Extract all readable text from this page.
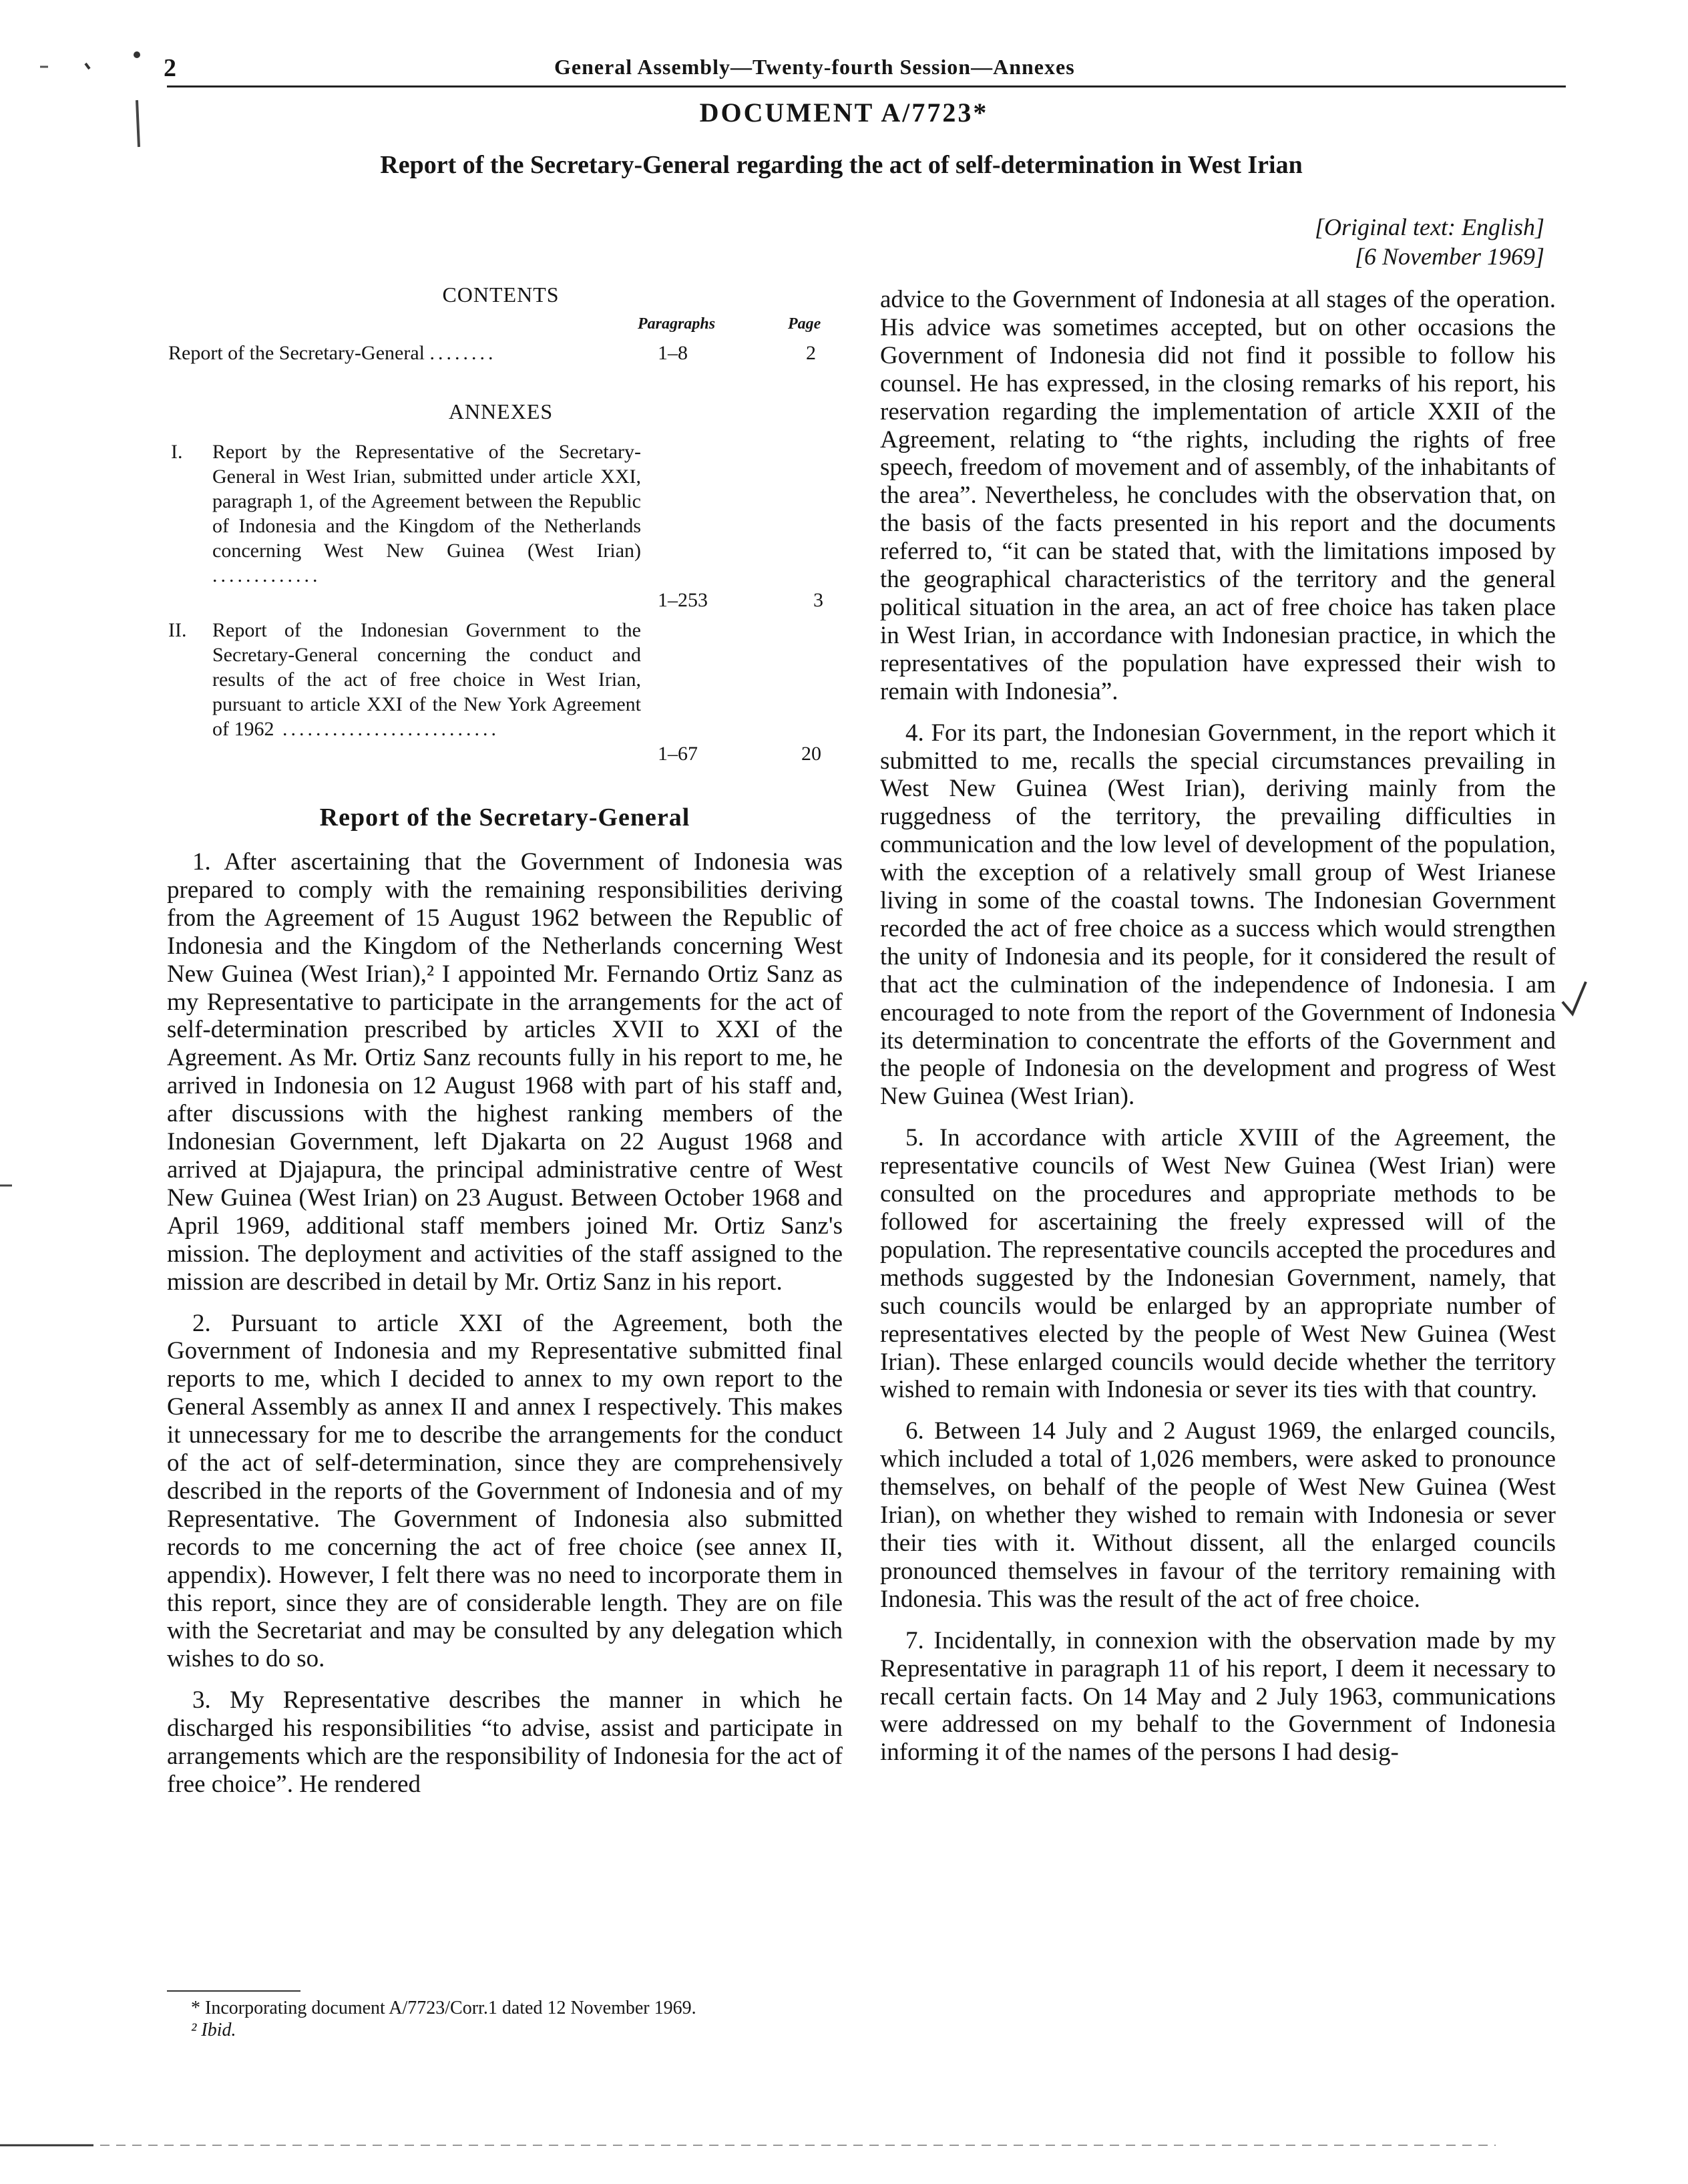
2	General Assembly—Twenty-fourth Session—Annexes
DOCUMENT A/7723*
Report of the Secretary-General regarding the act of self-determination in West Irian
[Original text: English]
[6 November 1969]
CONTENTS
Paragraphs	Page
Report of the Secretary-General ........	1–8	2
ANNEXES
I. Report by the Representative of the Secretary-General in West Irian, submitted under article XXI, paragraph 1, of the Agreement between the Republic of Indonesia and the Kingdom of the Netherlands concerning West New Guinea (West Irian) .............
1–253	3
II. Report of the Indonesian Government to the Secretary-General concerning the conduct and results of the act of free choice in West Irian, pursuant to article XXI of the New York Agreement of 1962 ..........................
1–67	20
Report of the Secretary-General

1. After ascertaining that the Government of Indonesia was prepared to comply with the remaining responsibilities deriving from the Agreement of 15 August 1962 between the Republic of Indonesia and the Kingdom of the Netherlands concerning West New Guinea (West Irian),² I appointed Mr. Fernando Ortiz Sanz as my Representative to participate in the arrangements for the act of self-determination prescribed by articles XVII to XXI of the Agreement. As Mr. Ortiz Sanz recounts fully in his report to me, he arrived in Indonesia on 12 August 1968 with part of his staff and, after discussions with the highest ranking members of the Indonesian Government, left Djakarta on 22 August 1968 and arrived at Djajapura, the principal administrative centre of West New Guinea (West Irian) on 23 August. Between October 1968 and April 1969, additional staff members joined Mr. Ortiz Sanz's mission. The deployment and activities of the staff assigned to the mission are described in detail by Mr. Ortiz Sanz in his report.

2. Pursuant to article XXI of the Agreement, both the Government of Indonesia and my Representative submitted final reports to me, which I decided to annex to my own report to the General Assembly as annex II and annex I respectively. This makes it unnecessary for me to describe the arrangements for the conduct of the act of self-determination, since they are comprehensively described in the reports of the Government of Indonesia and of my Representative. The Government of Indonesia also submitted records to me concerning the act of free choice (see annex II, appendix). However, I felt there was no need to incorporate them in this report, since they are of considerable length. They are on file with the Secretariat and may be consulted by any delegation which wishes to do so.

3. My Representative describes the manner in which he discharged his responsibilities “to advise, assist and participate in arrangements which are the responsibility of Indonesia for the act of free choice”. He rendered

* Incorporating document A/7723/Corr.1 dated 12 November 1969.
² Ibid.

advice to the Government of Indonesia at all stages of the operation. His advice was sometimes accepted, but on other occasions the Government of Indonesia did not find it possible to follow his counsel. He has expressed, in the closing remarks of his report, his reservation regarding the implementation of article XXII of the Agreement, relating to “the rights, including the rights of free speech, freedom of movement and of assembly, of the inhabitants of the area”. Nevertheless, he concludes with the observation that, on the basis of the facts presented in his report and the documents referred to, “it can be stated that, with the limitations imposed by the geographical characteristics of the territory and the general political situation in the area, an act of free choice has taken place in West Irian, in accordance with Indonesian practice, in which the representatives of the population have expressed their wish to remain with Indonesia”.

4. For its part, the Indonesian Government, in the report which it submitted to me, recalls the special circumstances prevailing in West New Guinea (West Irian), deriving mainly from the ruggedness of the territory, the prevailing difficulties in communication and the low level of development of the population, with the exception of a relatively small group of West Irianese living in some of the coastal towns. The Indonesian Government recorded the act of free choice as a success which would strengthen the unity of Indonesia and its people, for it considered the result of that act the culmination of the independence of Indonesia. I am encouraged to note from the report of the Government of Indonesia its determination to concentrate the efforts of the Government and the people of Indonesia on the development and progress of West New Guinea (West Irian).

5. In accordance with article XVIII of the Agreement, the representative councils of West New Guinea (West Irian) were consulted on the procedures and appropriate methods to be followed for ascertaining the freely expressed will of the population. The representative councils accepted the procedures and methods suggested by the Indonesian Government, namely, that such councils would be enlarged by an appropriate number of representatives elected by the people of West New Guinea (West Irian). These enlarged councils would decide whether the territory wished to remain with Indonesia or sever its ties with that country.

6. Between 14 July and 2 August 1969, the enlarged councils, which included a total of 1,026 members, were asked to pronounce themselves, on behalf of the people of West New Guinea (West Irian), on whether they wished to remain with Indonesia or sever their ties with it. Without dissent, all the enlarged councils pronounced themselves in favour of the territory remaining with Indonesia. This was the result of the act of free choice.

7. Incidentally, in connexion with the observation made by my Representative in paragraph 11 of his report, I deem it necessary to recall certain facts. On 14 May and 2 July 1963, communications were addressed on my behalf to the Government of Indonesia informing it of the names of the persons I had desig-
